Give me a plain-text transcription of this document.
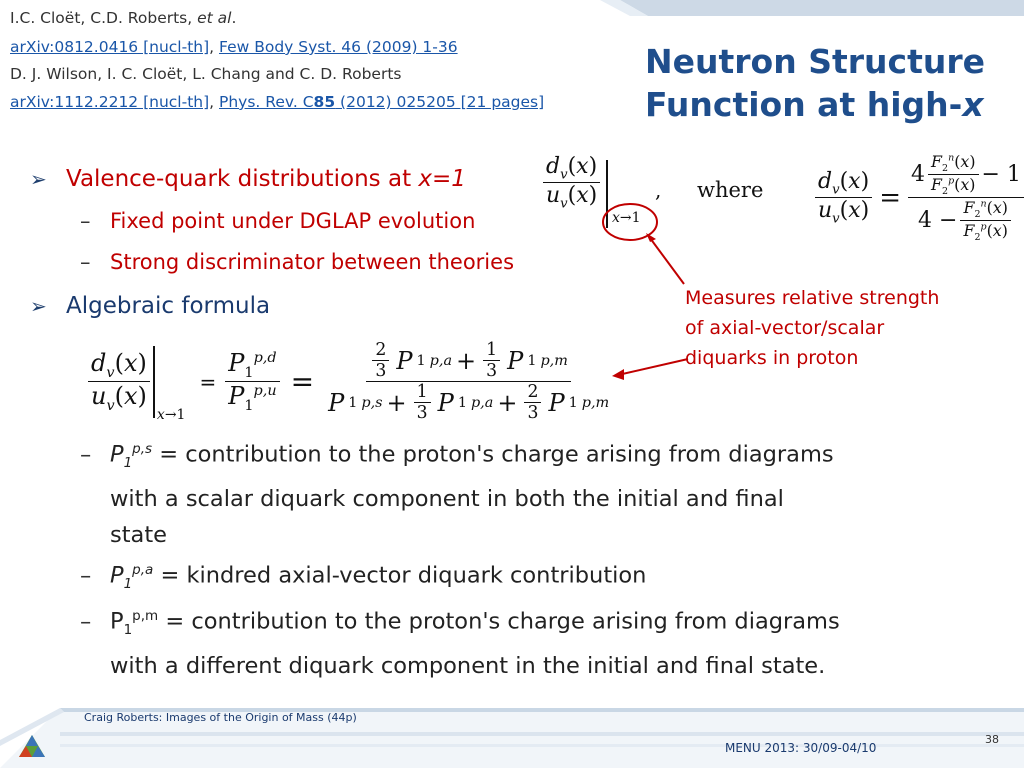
I.C. Cloët, C.D. Roberts, et al.
arXiv:0812.0416 [nucl-th], Few Body Syst. 46 (2009) 1-36
D. J. Wilson, I. C. Cloët, L. Chang and C. D. Roberts
arXiv:1112.2212 [nucl-th], Phys. Rev. C85 (2012) 025205 [21 pages]
Neutron Structure
Function at high-x
➢ Valence-quark distributions at x=1
– Fixed point under DGLAP evolution
– Strong discriminator between theories
➢ Algebraic formula
$\frac{d_v(x)}{u_v(x)}$
x→1
, where $\frac{d_v(x)}{u_v(x)} = \frac{4 \frac{F_2^n(x)}{F_2^p(x)} - 1}{4 - \frac{F_2^n(x)}{F_2^p(x)}}$
Measures relative strength
of axial-vector/scalar
diquarks in proton
$\frac{d_v(x)}{u_v(x)}$
x→1
= $\frac{P_1^{p,d}}{P_1^{p,u}} = \frac{\frac{2}{3} P 1 p,a + \frac{1}{3} P 1 p,m}{P 1 p,s + \frac{1}{3} P 1 p,a + \frac{2}{3} P 1 p,m}$
– $P_1^{p,s}$ = contribution to the proton's charge arising from diagrams
with a scalar diquark component in both the initial and final
state
– $P_1^{p,a}$ = kindred axial-vector diquark contribution
– $P_1^{p,m}$ = contribution to the proton's charge arising from diagrams
with a different diquark component in the initial and final state.
Craig Roberts: Images of the Origin of Mass (44p)
MENU 2013: 30/09-04/10
38
